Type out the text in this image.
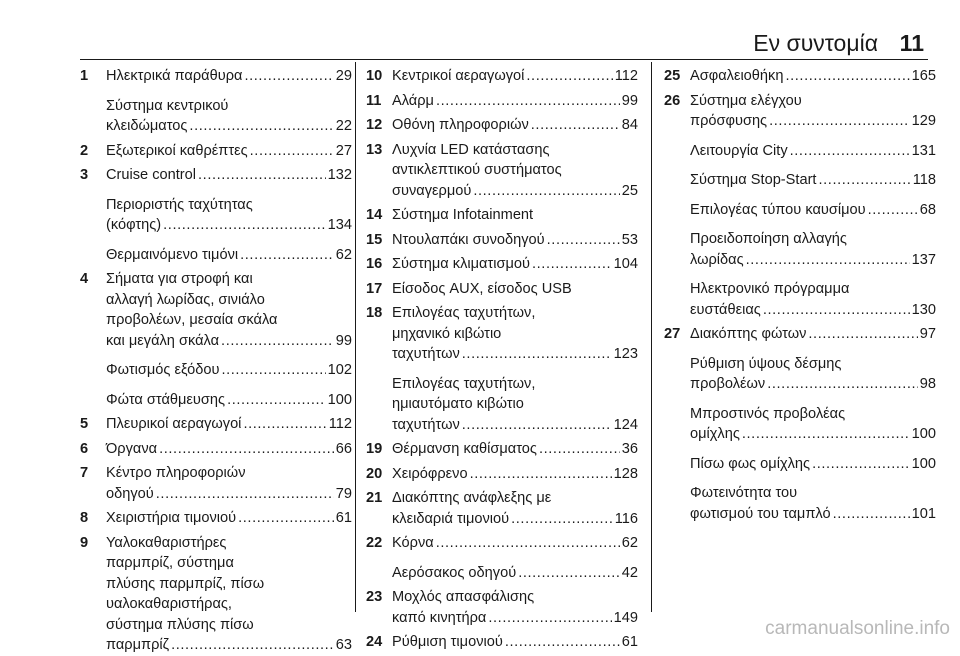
Εν συντομία 11
1 Ηλεκτρικά παράθυρα .....	29
Σύστημα κεντρικού
κλειδώματος .....	22
2 Εξωτερικοί καθρέπτες .....	27
3 Cruise control .....	132
Περιοριστής ταχύτητας
(κόφτης) .....	134
Θερμαινόμενο τιμόνι .....	62
4 Σήματα για στροφή και
αλλαγή λωρίδας, σινιάλο
προβολέων, μεσαία σκάλα
και μεγάλη σκάλα .....	99
Φωτισμός εξόδου .....	102
Φώτα στάθμευσης .....	100
5 Πλευρικοί αεραγωγοί .....	112
6 Όργανα .....	66
7 Κέντρο πληροφοριών
οδηγού .....	79
8 Χειριστήρια τιμονιού .....	61
9 Υαλοκαθαριστήρες
παρμπρίζ, σύστημα
πλύσης παρμπρίζ, πίσω
υαλοκαθαριστήρας,
σύστημα πλύσης πίσω
παρμπρίζ .....	63
10 Κεντρικοί αεραγωγοί .....	112
11 Αλάρμ .....	99
12 Οθόνη πληροφοριών .....	84
13 Λυχνία LED κατάστασης
αντικλεπτικού συστήματος
συναγερμού .....	25
14 Σύστημα Infotainment
15 Ντουλαπάκι συνοδηγού .....	53
16 Σύστημα κλιματισμού .....	104
17 Είσοδος AUX, είσοδος USB
18 Επιλογέας ταχυτήτων,
μηχανικό κιβώτιο
ταχυτήτων .....	123
Επιλογέας ταχυτήτων,
ημιαυτόματο κιβώτιο
ταχυτήτων .....	124
19 Θέρμανση καθίσματος .....	36
20 Χειρόφρενο .....	128
21 Διακόπτης ανάφλεξης με
κλειδαριά τιμονιού .....	116
22 Κόρνα .....	62
Αερόσακος οδηγού .....	42
23 Μοχλός απασφάλισης
καπό κινητήρα .....	149
24 Ρύθμιση τιμονιού .....	61
25 Ασφαλειοθήκη .....	165
26 Σύστημα ελέγχου
πρόσφυσης .....	129
Λειτουργία City .....	131
Σύστημα Stop-Start .....	118
Επιλογέας τύπου καυσίμου .....	68
Προειδοποίηση αλλαγής
λωρίδας .....	137
Ηλεκτρονικό πρόγραμμα
ευστάθειας .....	130
27 Διακόπτης φώτων .....	97
Ρύθμιση ύψους δέσμης
προβολέων .....	98
Μπροστινός προβολέας
ομίχλης .....	100
Πίσω φως ομίχλης .....	100
Φωτεινότητα του
φωτισμού του ταμπλό .....	101
carmanualsonline.info
